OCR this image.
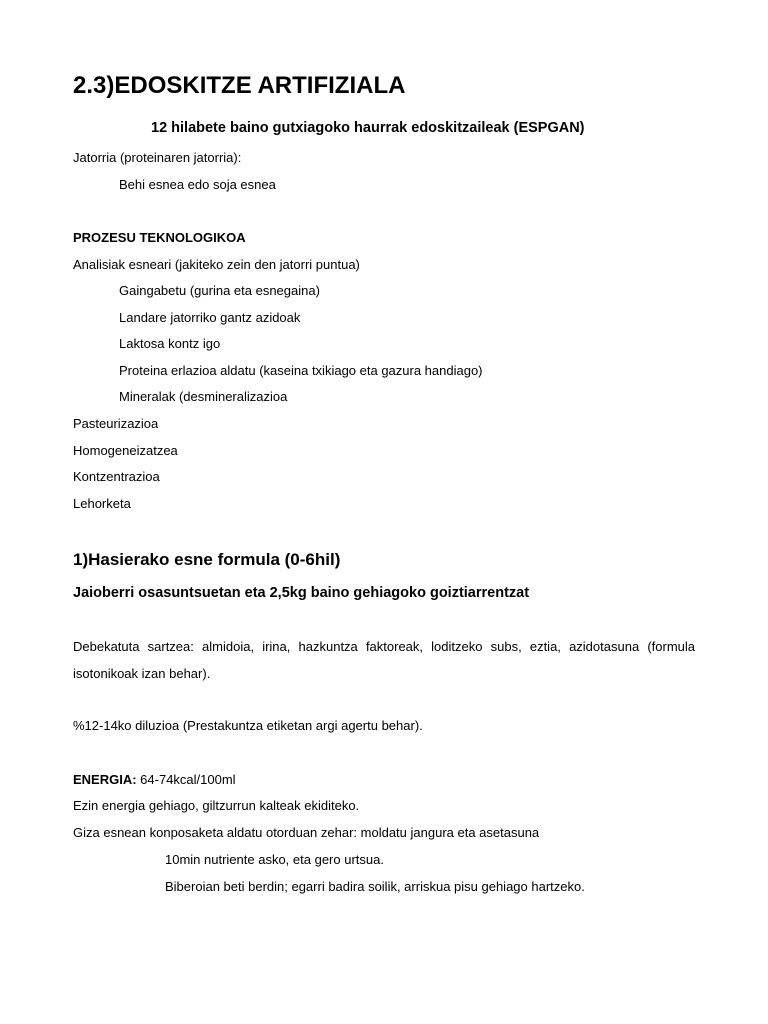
2.3)EDOSKITZE ARTIFIZIALA
12 hilabete baino gutxiagoko haurrak edoskitzaileak (ESPGAN)
Jatorria (proteinaren jatorria):
Behi esnea edo soja esnea
PROZESU TEKNOLOGIKOA
Analisiak esneari (jakiteko zein den jatorri puntua)
Gaingabetu (gurina eta esnegaina)
Landare jatorriko gantz azidoak
Laktosa kontz igo
Proteina erlazioa aldatu (kaseina txikiago eta gazura handiago)
Mineralak (desmineralizazioa
Pasteurizazioa
Homogeneizatzea
Kontzentrazioa
Lehorketa
1)Hasierako esne formula (0-6hil)
Jaioberri osasuntsuetan eta 2,5kg baino gehiagoko goiztiarrentzat
Debekatuta sartzea: almidoia, irina, hazkuntza faktoreak, loditzeko subs, eztia, azidotasuna (formula isotonikoak izan behar).
%12-14ko diluzioa (Prestakuntza etiketan argi agertu behar).
ENERGIA: 64-74kcal/100ml
Ezin energia gehiago, giltzurrun kalteak ekiditeko.
Giza esnean konposaketa aldatu otorduan zehar: moldatu jangura eta asetasuna
10min nutriente asko, eta gero urtsua.
Biberoian beti berdin; egarri badira soilik, arriskua pisu gehiago hartzeko.
